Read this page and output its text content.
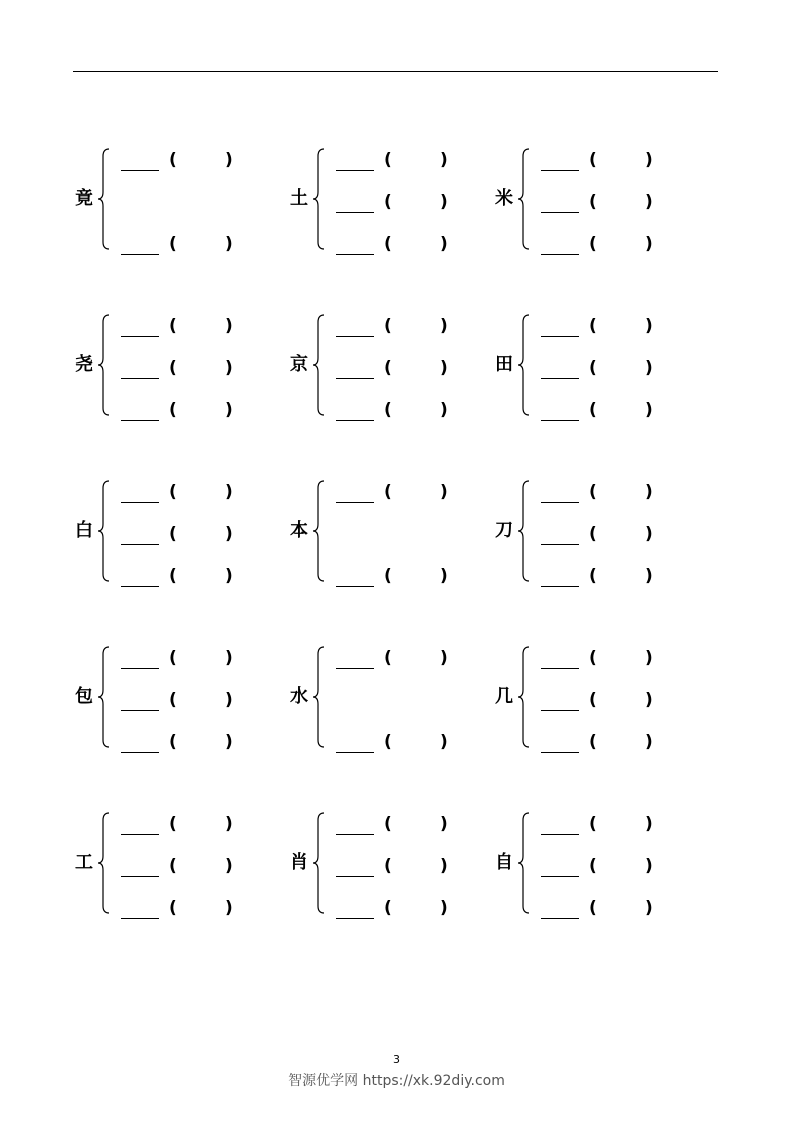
竟
(	)
(	)
土
(	)
(	)
(	)
米
(	)
(	)
(	)
尧
(	)
(	)
(	)
京
(	)
(	)
(	)
田
(	)
(	)
(	)
白
(	)
(	)
(	)
本
(	)
(	)
刀
(	)
(	)
(	)
包
(	)
(	)
(	)
水
(	)
(	)
几
(	)
(	)
(	)
工
(	)
(	)
(	)
肖
(	)
(	)
(	)
自
(	)
(	)
(	)
3
智源优学网 https://xk.92diy.com
